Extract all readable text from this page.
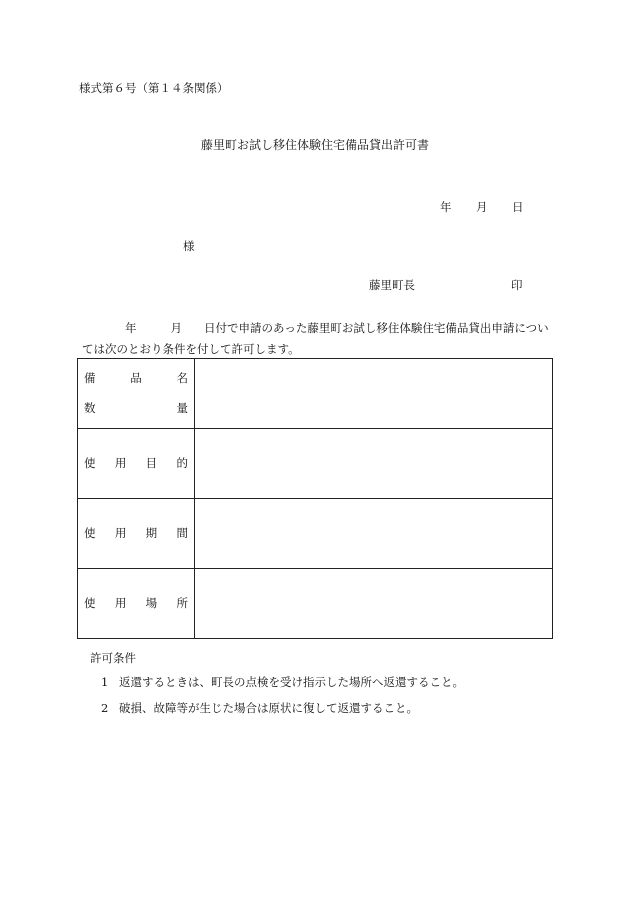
様式第６号（第１４条関係）
藤里町お試し移住体験住宅備品貸出許可書
年 月 日
様
藤里町長	印
年	月 日付で申請のあった藤里町お試し移住体験住宅備品貸出申請につい
ては次のとおり条件を付して許可します。
備 品 名
数 量	

使 用 目 的	

使 用 期 間	

使 用 場 所	

許可条件
1 返還するときは、町長の点検を受け指示した場所へ返還すること。
2 破損、故障等が生じた場合は原状に復して返還すること。
